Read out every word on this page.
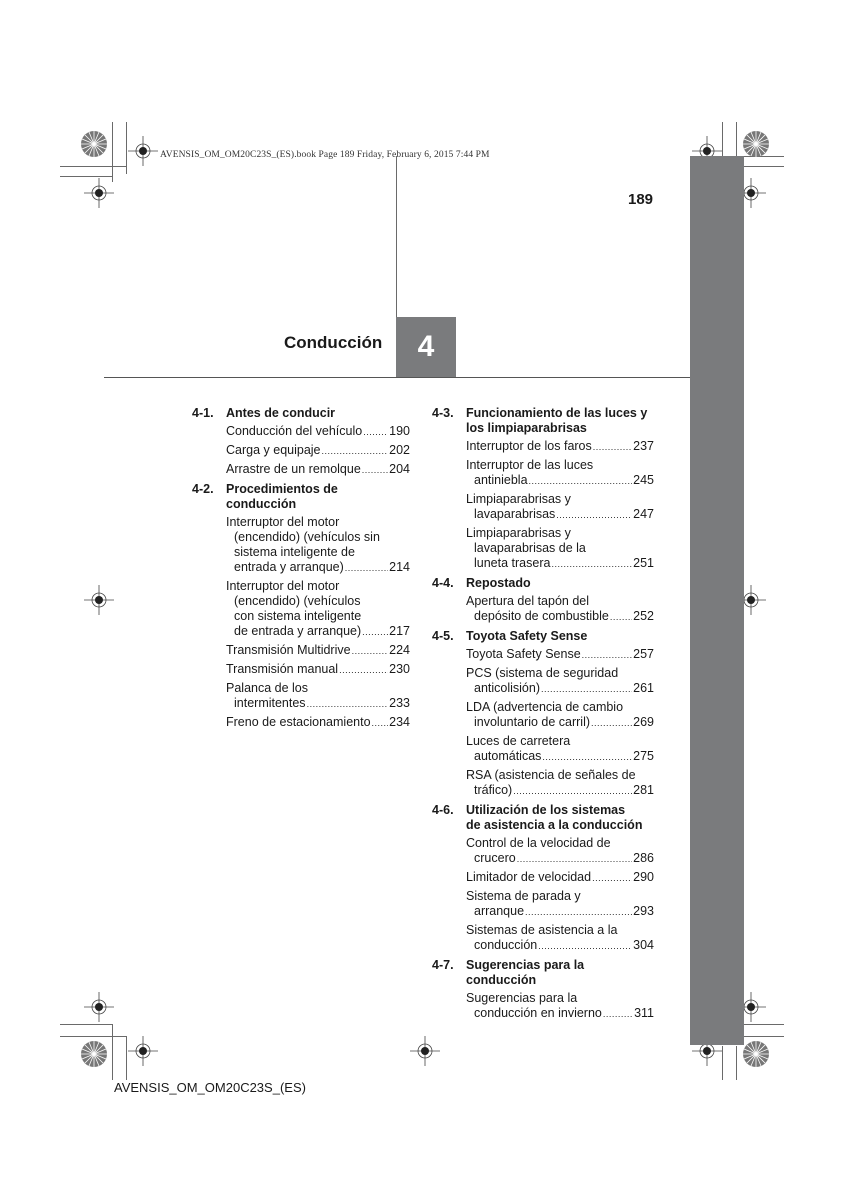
AVENSIS_OM_OM20C23S_(ES).book Page 189 Friday, February 6, 2015 7:44 PM
189
Conducción 4
4-1. Antes de conducir
Conducción del vehículo ..... 190
Carga y equipaje .....	202
Arrastre de un remolque ..... 204
4-2. Procedimientos de
conducción
Interruptor del motor
(encendido) (vehículos sin
sistema inteligente de
entrada y arranque) .....	214
Interruptor del motor
(encendido) (vehículos
con sistema inteligente
de entrada y arranque) ..... 217
Transmisión Multidrive .....	224
Transmisión manual .....	230
Palanca de los
intermitentes .....	233
Freno de estacionamiento ..... 234
4-3. Funcionamiento de las luces y
los limpiaparabrisas
Interruptor de los faros .....	237
Interruptor de las luces
antiniebla .....	245
Limpiaparabrisas y
lavaparabrisas .....	247
Limpiaparabrisas y
lavaparabrisas de la
luneta trasera .....	251
4-4. Repostado
Apertura del tapón del
depósito de combustible ..... 252
4-5. Toyota Safety Sense
Toyota Safety Sense .....	257
PCS (sistema de seguridad
anticolisión) .....	261
LDA (advertencia de cambio
involuntario de carril) .....	269
Luces de carretera
automáticas .....	275
RSA (asistencia de señales de
tráfico) .....	281
4-6. Utilización de los sistemas
de asistencia a la conducción
Control de la velocidad de
crucero .....	286
Limitador de velocidad .....	290
Sistema de parada y
arranque .....	293
Sistemas de asistencia a la
conducción .....	304
4-7. Sugerencias para la conducción
Sugerencias para la
conducción en invierno .....	311
AVENSIS_OM_OM20C23S_(ES)
